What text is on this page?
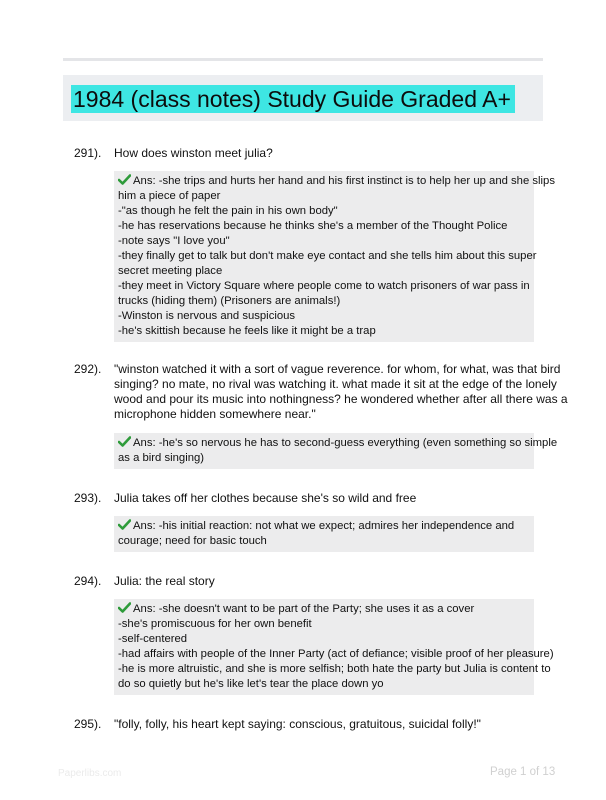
1984 (class notes) Study Guide Graded A+
291).	How does winston meet julia?

Ans: -she trips and hurts her hand and his first instinct is to help her up and she slips

him a piece of paper

-"as though he felt the pain in his own body"

-he has reservations because he thinks she's a member of the Thought Police

-note says "I love you"

-they finally get to talk but don't make eye contact and she tells him about this super

secret meeting place

-they meet in Victory Square where people come to watch prisoners of war pass in

trucks (hiding them) (Prisoners are animals!)

-Winston is nervous and suspicious

-he's skittish because he feels like it might be a trap

292).	"winston watched it with a sort of vague reverence. for whom, for what, was that bird
singing? no mate, no rival was watching it. what made it sit at the edge of the lonely
wood and pour its music into nothingness? he wondered whether after all there was a
microphone hidden somewhere near."

Ans: -he's so nervous he has to second-guess everything (even something so simple

as a bird singing)

293).	Julia takes off her clothes because she's so wild and free

Ans: -his initial reaction: not what we expect; admires her independence and

courage; need for basic touch

294).	Julia: the real story

Ans: -she doesn't want to be part of the Party; she uses it as a cover

-she's promiscuous for her own benefit

-self-centered

-had affairs with people of the Inner Party (act of defiance; visible proof of her pleasure)

-he is more altruistic, and she is more selfish; both hate the party but Julia is content to

do so quietly but he's like let's tear the place down yo

295).	"folly, folly, his heart kept saying: conscious, gratuitous, suicidal folly!"
Paperlibs.com	Page 1 of 13
